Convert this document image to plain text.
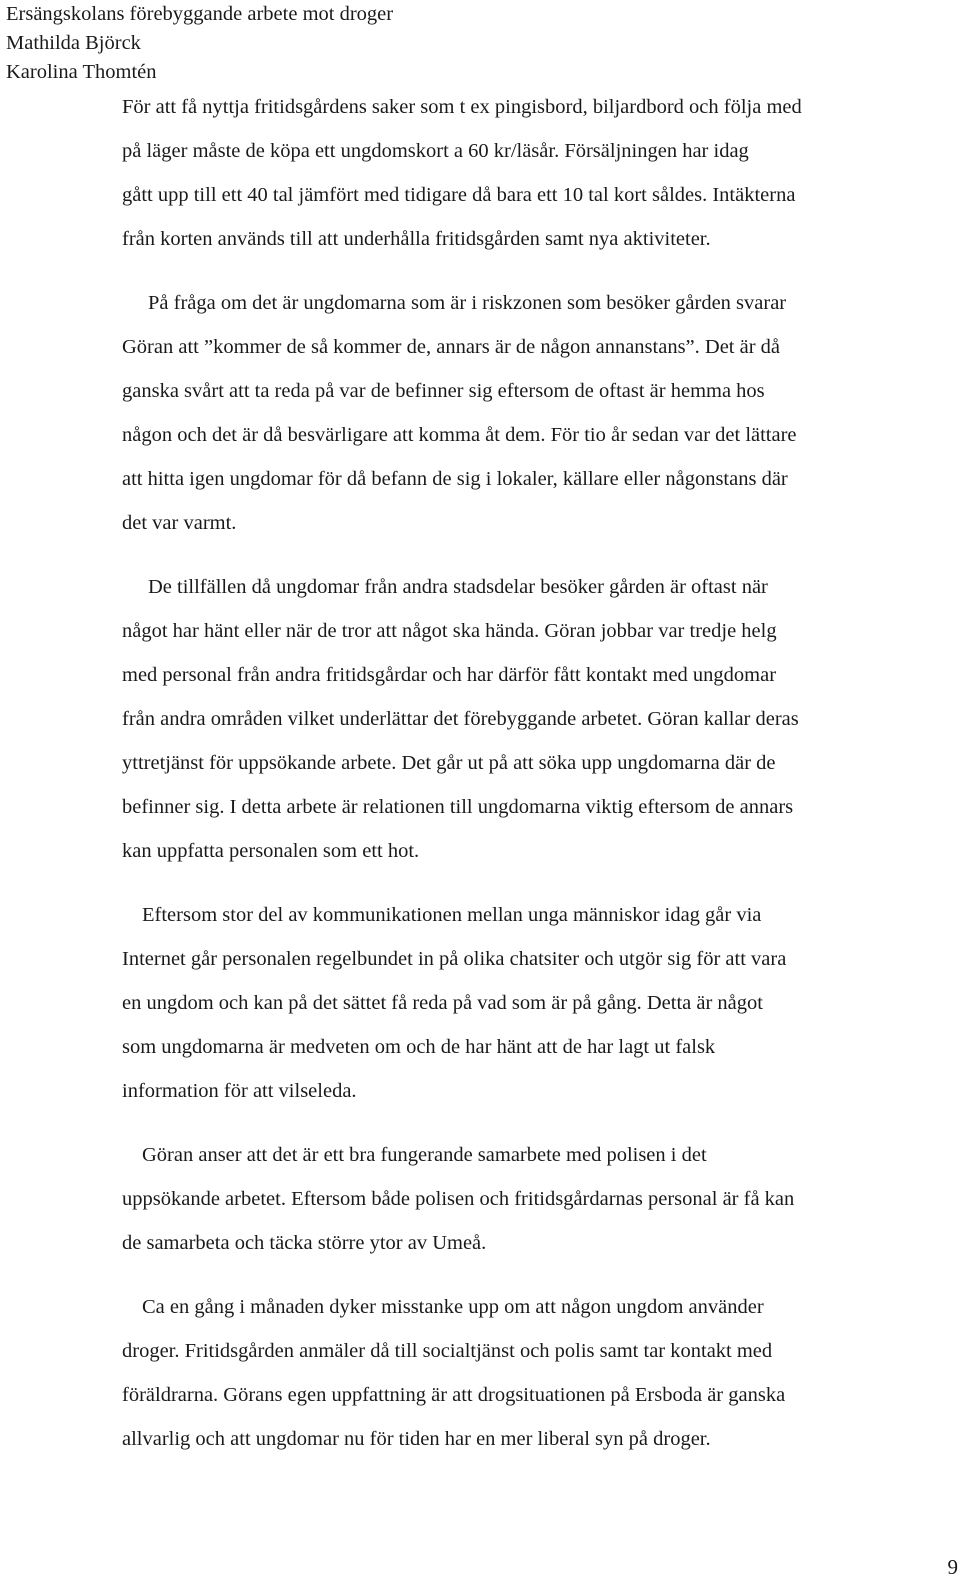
Ersängskolans förebyggande arbete mot droger
Mathilda Björck
Karolina Thomtén
För att få nyttja fritidsgårdens saker som t ex pingisbord, biljardbord och följa med
på läger måste de köpa ett ungdomskort a 60 kr/läsår. Försäljningen har idag
gått upp till ett 40 tal jämfört med tidigare då bara ett 10 tal kort såldes. Intäkterna
från korten används till att underhålla fritidsgården samt nya aktiviteter.
På fråga om det är ungdomarna som är i riskzonen som besöker gården svarar
Göran att ”kommer de så kommer de, annars är de någon annanstans”. Det är då
ganska svårt att ta reda på var de befinner sig eftersom de oftast är hemma hos
någon och det är då besvärligare att komma åt dem. För tio år sedan var det lättare
att hitta igen ungdomar för då befann de sig i lokaler, källare eller någonstans där
det var varmt.
De tillfällen då ungdomar från andra stadsdelar besöker gården är oftast när
något har hänt eller när de tror att något ska hända. Göran jobbar var tredje helg
med personal från andra fritidsgårdar och har därför fått kontakt med ungdomar
från andra områden vilket underlättar det förebyggande arbetet. Göran kallar deras
yttretjänst för uppsökande arbete. Det går ut på att söka upp ungdomarna där de
befinner sig. I detta arbete är relationen till ungdomarna viktig eftersom de annars
kan uppfatta personalen som ett hot.
Eftersom stor del av kommunikationen mellan unga människor idag går via
Internet går personalen regelbundet in på olika chatsiter och utgör sig för att vara
en ungdom och kan på det sättet få reda på vad som är på gång. Detta är något
som ungdomarna är medveten om och de har hänt att de har lagt ut falsk
information för att vilseleda.
Göran anser att det är ett bra fungerande samarbete med polisen i det
uppsökande arbetet. Eftersom både polisen och fritidsgårdarnas personal är få kan
de samarbeta och täcka större ytor av Umeå.
Ca en gång i månaden dyker misstanke upp om att någon ungdom använder
droger. Fritidsgården anmäler då till socialtjänst och polis samt tar kontakt med
föräldrarna. Görans egen uppfattning är att drogsituationen på Ersboda är ganska
allvarlig och att ungdomar nu för tiden har en mer liberal syn på droger.
9
